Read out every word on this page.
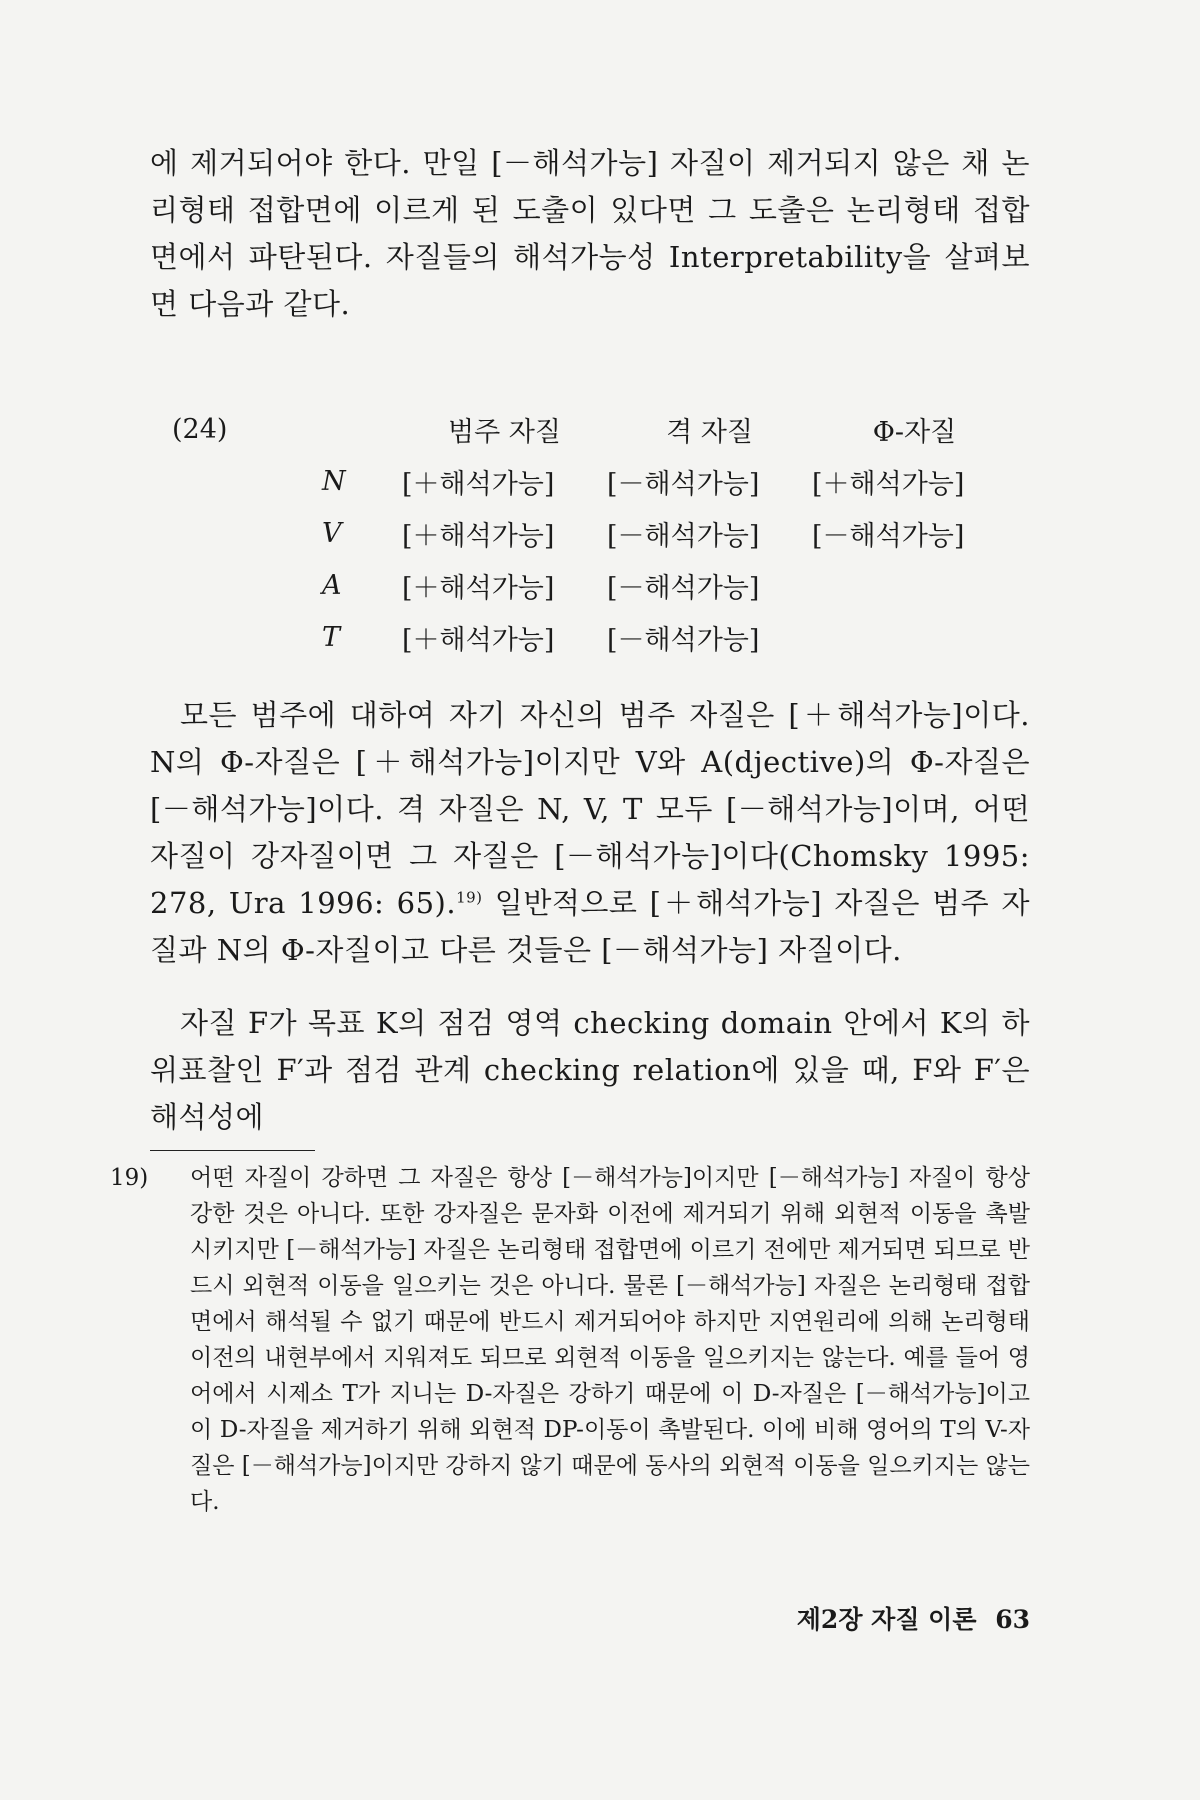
에 제거되어야 한다. 만일 [－해석가능] 자질이 제거되지 않은 채 논리형태 접합면에 이르게 된 도출이 있다면 그 도출은 논리형태 접합면에서 파탄된다. 자질들의 해석가능성 Interpretability을 살펴보면 다음과 같다.

(24)		범주 자질	격 자질	Φ-자질
	N	[＋해석가능]	[－해석가능]	[＋해석가능]
	V	[＋해석가능]	[－해석가능]	[－해석가능]
	A	[＋해석가능]	[－해석가능]	
	T	[＋해석가능]	[－해석가능]	

모든 범주에 대하여 자기 자신의 범주 자질은 [＋해석가능]이다. N의 Φ-자질은 [＋해석가능]이지만 V와 A(djective)의 Φ-자질은 [－해석가능]이다. 격 자질은 N, V, T 모두 [－해석가능]이며, 어떤 자질이 강자질이면 그 자질은 [－해석가능]이다(Chomsky 1995: 278, Ura 1996: 65).$^{19)}$ 일반적으로 [＋해석가능] 자질은 범주 자질과 N의 Φ-자질이고 다른 것들은 [－해석가능] 자질이다.

자질 F가 목표 K의 점검 영역 checking domain 안에서 K의 하위표찰인 F′과 점검 관계 checking relation에 있을 때, F와 F′은 해석성에

19) 어떤 자질이 강하면 그 자질은 항상 [－해석가능]이지만 [－해석가능] 자질이 항상 강한 것은 아니다. 또한 강자질은 문자화 이전에 제거되기 위해 외현적 이동을 촉발시키지만 [－해석가능] 자질은 논리형태 접합면에 이르기 전에만 제거되면 되므로 반드시 외현적 이동을 일으키는 것은 아니다. 물론 [－해석가능] 자질은 논리형태 접합면에서 해석될 수 없기 때문에 반드시 제거되어야 하지만 지연원리에 의해 논리형태 이전의 내현부에서 지워져도 되므로 외현적 이동을 일으키지는 않는다. 예를 들어 영어에서 시제소 T가 지니는 D-자질은 강하기 때문에 이 D-자질은 [－해석가능]이고 이 D-자질을 제거하기 위해 외현적 DP-이동이 촉발된다. 이에 비해 영어의 T의 V-자질은 [－해석가능]이지만 강하지 않기 때문에 동사의 외현적 이동을 일으키지는 않는다.
제2장 자질 이론 63
